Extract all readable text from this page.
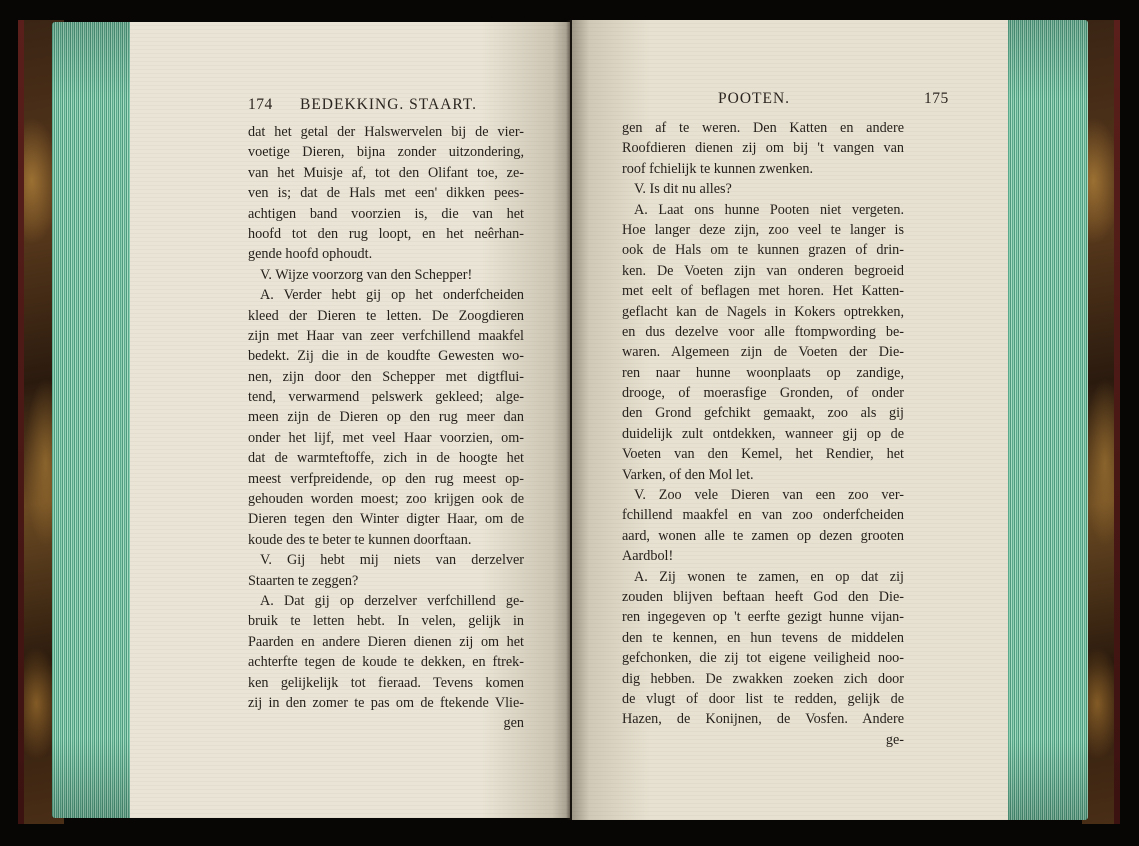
174 BEDEKKING. STAART.
dat het getal der Halswervelen bij de vier-
voetige Dieren, bijna zonder uitzondering,
van het Muisje af, tot den Olifant toe, ze-
ven is; dat de Hals met een' dikken pees-
achtigen band voorzien is, die van het
hoofd tot den rug loopt, en het neêrhan-
gende hoofd ophoudt.
V. Wijze voorzorg van den Schepper!
A. Verder hebt gij op het onderfcheiden
kleed der Dieren te letten. De Zoogdieren
zijn met Haar van zeer verfchillend maakfel
bedekt. Zij die in de koudfte Gewesten wo-
nen, zijn door den Schepper met digtflui-
tend, verwarmend pelswerk gekleed; alge-
meen zijn de Dieren op den rug meer dan
onder het lijf, met veel Haar voorzien, om-
dat de warmteftoffe, zich in de hoogte het
meest verfpreidende, op den rug meest op-
gehouden worden moest; zoo krijgen ook de
Dieren tegen den Winter digter Haar, om de
koude des te beter te kunnen doorftaan.
V. Gij hebt mij niets van derzelver
Staarten te zeggen?
A. Dat gij op derzelver verfchillend ge-
bruik te letten hebt. In velen, gelijk in
Paarden en andere Dieren dienen zij om het
achterfte tegen de koude te dekken, en ftrek-
ken gelijkelijk tot fieraad. Tevens komen
zij in den zomer te pas om de ftekende Vlie-
gen
POOTEN.	175
gen af te weren. Den Katten en andere
Roofdieren dienen zij om bij 't vangen van
roof fchielijk te kunnen zwenken.
V. Is dit nu alles?
A. Laat ons hunne Pooten niet vergeten.
Hoe langer deze zijn, zoo veel te langer is
ook de Hals om te kunnen grazen of drin-
ken. De Voeten zijn van onderen begroeid
met eelt of beflagen met horen. Het Katten-
geflacht kan de Nagels in Kokers optrekken,
en dus dezelve voor alle ftompwording be-
waren. Algemeen zijn de Voeten der Die-
ren naar hunne woonplaats op zandige,
drooge, of moerasfige Gronden, of onder
den Grond gefchikt gemaakt, zoo als gij
duidelijk zult ontdekken, wanneer gij op de
Voeten van den Kemel, het Rendier, het
Varken, of den Mol let.
V. Zoo vele Dieren van een zoo ver-
fchillend maakfel en van zoo onderfcheiden
aard, wonen alle te zamen op dezen grooten
Aardbol!
A. Zij wonen te zamen, en op dat zij
zouden blijven beftaan heeft God den Die-
ren ingegeven op 't eerfte gezigt hunne vijan-
den te kennen, en hun tevens de middelen
gefchonken, die zij tot eigene veiligheid noo-
dig hebben. De zwakken zoeken zich door
de vlugt of door list te redden, gelijk de
Hazen, de Konijnen, de Vosfen. Andere
ge-
